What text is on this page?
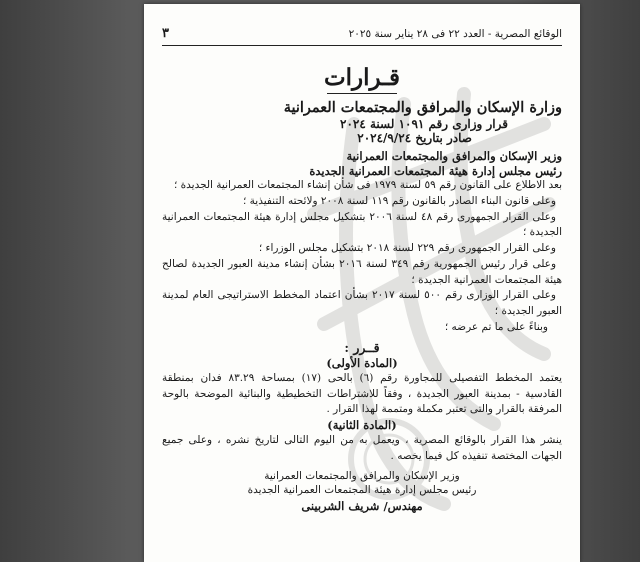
الوقائع المصرية - العدد ٢٢ فى ٢٨ يناير سنة ٢٠٢٥
٣
قـرارات
وزارة الإسكان والمرافق والمجتمعات العمرانية
قرار وزارى رقم ١٠٩١ لسنة ٢٠٢٤
صادر بتاريخ ٢٠٢٤/٩/٢٤
وزير الإسكان والمرافق والمجتمعات العمرانية
رئيس مجلس إدارة هيئة المجتمعات العمرانية الجديدة
بعد الاطلاع على القانون رقم ٥٩ لسنة ١٩٧٩ فى شأن إنشاء المجتمعات العمرانية الجديدة ؛
وعلى قانون البناء الصادر بالقانون رقم ١١٩ لسنة ٢٠٠٨ ولائحته التنفيذية ؛
وعلى القرار الجمهورى رقم ٤٨ لسنة ٢٠٠٦ بتشكيل مجلس إدارة هيئة المجتمعات العمرانية الجديدة ؛
وعلى القرار الجمهورى رقم ٢٢٩ لسنة ٢٠١٨ بتشكيل مجلس الوزراء ؛
وعلى قرار رئيس الجمهورية رقم ٣٤٩ لسنة ٢٠١٦ بشأن إنشاء مدينة العبور الجديدة لصالح هيئة المجتمعات العمرانية الجديدة ؛
وعلى القرار الوزارى رقم ٥٠٠ لسنة ٢٠١٧ بشأن اعتماد المخطط الاستراتيجى العام لمدينة العبور الجديدة ؛
وبناءً على ما تم عرضه ؛
قــرر :
(المادة الأولى)
يعتمد المخطط التفصيلى للمجاورة رقم (٦) بالحى (١٧) بمساحة ٨٣.٢٩ فدان بمنطقة القادسية - بمدينة العبور الجديدة ، وفقاً للاشتراطات التخطيطية والبنائية الموضحة بالوحة المرفقة بالقرار والتى تعتبر مكملة ومتممة لهذا القرار .
(المادة الثانية)
ينشر هذا القرار بالوقائع المصرية ، ويعمل به من اليوم التالى لتاريخ نشره ، وعلى جميع الجهات المختصة تنفيذه كل فيما يخصه .
وزير الإسكان والمرافق والمجتمعات العمرانية
رئيس مجلس إدارة هيئة المجتمعات العمرانية الجديدة
مهندس/ شريف الشربينى
